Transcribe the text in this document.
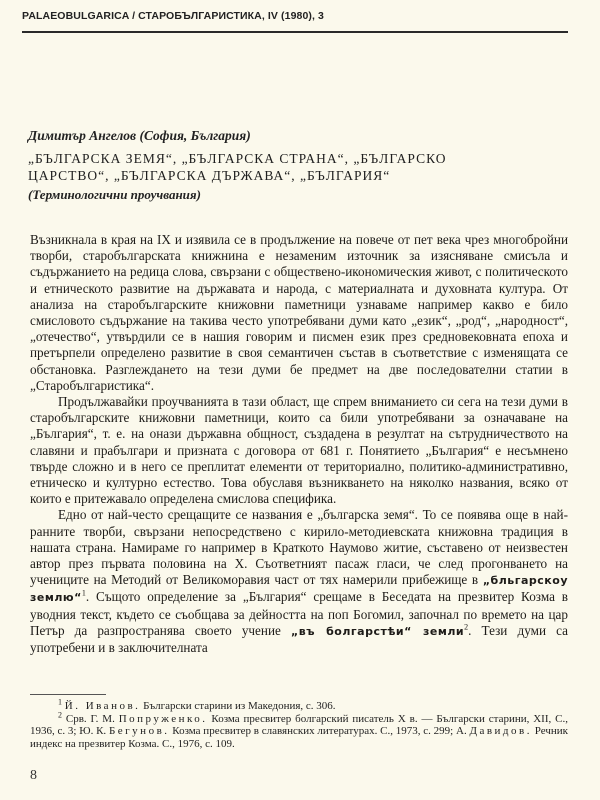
PALAEOBULGARICA / СТАРОБЪЛГАРИСТИКА, IV (1980), 3
Димитър Ангелов (София, България)
„БЪЛГАРСКА ЗЕМЯ“, „БЪЛГАРСКА СТРАНА“, „БЪЛГАРСКО
ЦАРСТВО“, „БЪЛГАРСКА ДЪРЖАВА“, „БЪЛГАРИЯ“
(Терминологични проучвания)

Възникнала в края на IX и изявила се в продължение на повече от пет века чрез многобройни творби, старобългарската книжнина е незаменим източник за изясняване смисъла и съдържанието на редица слова, свързани с обществено-икономическия живот, с политическото и етническото развитие на държавата и народа, с материалната и духовната култура. От анализа на старобългарските книжовни паметници узнаваме например какво е било смисловото съдържание на такива често употребявани думи като „език“, „род“, „народност“, „отечество“, утвърдили се в нашия говорим и писмен език през средновековната епоха и претърпели определено развитие в своя семантичен състав в съответствие с изменящата се обстановка. Разглеждането на тези думи бе предмет на две последователни статии в „Старобългаристика“.

Продължавайки проучванията в тази област, ще спрем вниманието си сега на тези думи в старобългарските книжовни паметници, които са били употребявани за означаване на „България“, т. е. на онази държавна общност, създадена в резултат на сътрудничеството на славяни и прабългари и призната с договора от 681 г. Понятието „България“ е несъмнено твърде сложно и в него се преплитат елементи от териториално, политико-административно, етническо и културно естество. Това обуславя възникването на няколко названия, всяко от които е притежавало определена смислова специфика.

Едно от най-често срещащите се названия е „българска земя“. То се появява още в най-ранните творби, свързани непосредствено с кирило-методиевската книжовна традиция в нашата страна. Намираме го например в Краткото Наумово житие, съставено от неизвестен автор през първата половина на X. Съответният пасаж гласи, че след прогонването на учениците на Методий от Великоморавия част от тях намерили прибежище в „бльгарскоу землю“$^1$. Същото определение за „България“ срещаме в Беседата на презвитер Козма в уводния текст, където се съобщава за дейността на поп Богомил, започнал по времето на цар Петър да разпространява своето учение „въ болгарстѣи“ земли$^2$. Тези думи са употребени и в заключителната

$^1$ Й. Иванов. Български старини из Македония, с. 306.

$^2$ Срв. Г. М. Попруженко. Козма пресвитер болгарский писатель X в. — Български старини, XII, С., 1936, с. 3; Ю. К. Бегунов. Козма пресвитер в славянских литературах. С., 1973, с. 299; А. Давидов. Речник индекс на презвитер Козма. С., 1976, с. 109.

8
